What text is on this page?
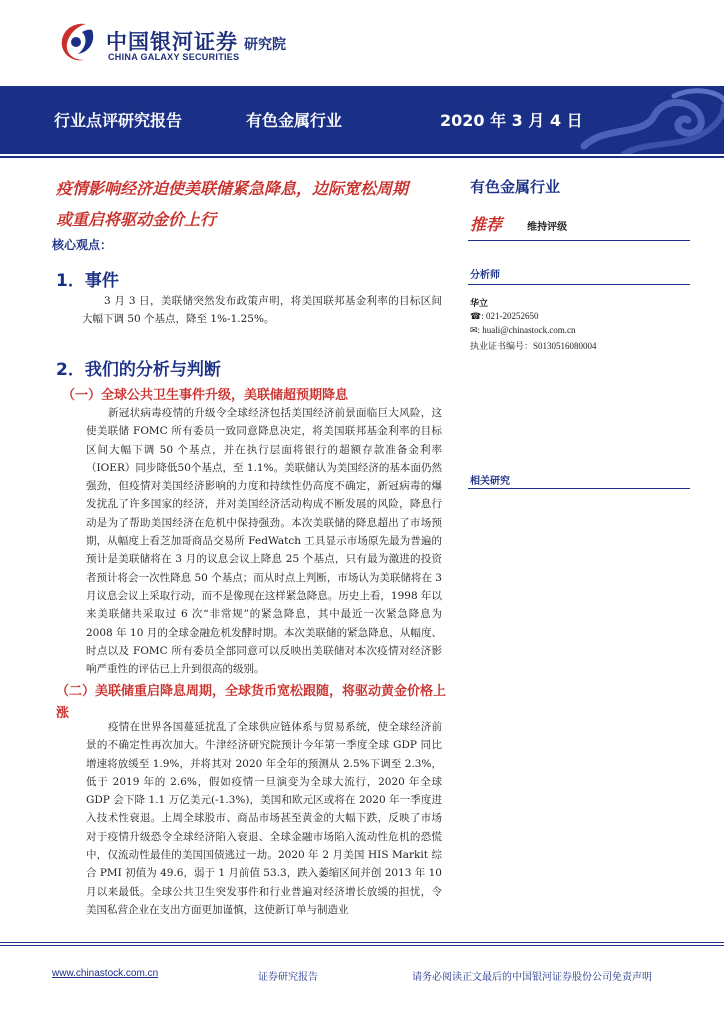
中国银河证券 研究院
CHINA GALAXY SECURITIES
行业点评研究报告	有色金属行业	2020 年 3 月 4 日
疫情影响经济迫使美联储紧急降息，边际宽松周期
或重启将驱动金价上行
核心观点：
有色金属行业
推荐	维持评级
分析师
华立
☎: 021-20252650
✉: huali@chinastock.com.cn
执业证书编号：S0130516080004
相关研究
1．事件
3 月 3 日，美联储突然发布政策声明，将美国联邦基金利率的目标区间大幅下调 50 个基点，降至 1%-1.25%。
2．我们的分析与判断
（一）全球公共卫生事件升级，美联储超预期降息
新冠状病毒疫情的升级令全球经济包括美国经济前景面临巨大风险，这使美联储 FOMC 所有委员一致同意降息决定，将美国联邦基金利率的目标区间大幅下调 50 个基点，并在执行层面将银行的超额存款准备金利率（IOER）同步降低50个基点，至 1.1%。美联储认为美国经济的基本面仍然强劲，但疫情对美国经济影响的力度和持续性仍高度不确定，新冠病毒的爆发扰乱了许多国家的经济，并对美国经济活动构成不断发展的风险，降息行动是为了帮助美国经济在危机中保持强劲。本次美联储的降息超出了市场预期，从幅度上看芝加哥商品交易所 FedWatch 工具显示市场原先最为普遍的预计是美联储将在 3 月的议息会议上降息 25 个基点，只有最为激进的投资者预计将会一次性降息 50 个基点；而从时点上判断，市场认为美联储将在 3 月议息会议上采取行动，而不是像现在这样紧急降息。历史上看，1998 年以来美联储共采取过 6 次“非常规”的紧急降息，其中最近一次紧急降息为 2008 年 10 月的全球金融危机发酵时期。本次美联储的紧急降息，从幅度、时点以及 FOMC 所有委员全部同意可以反映出美联储对本次疫情对经济影响严重性的评估已上升到很高的级别。
（二）美联储重启降息周期，全球货币宽松跟随，将驱动黄金价格上涨
疫情在世界各国蔓延扰乱了全球供应链体系与贸易系统，使全球经济前景的不确定性再次加大。牛津经济研究院预计今年第一季度全球 GDP 同比增速将放缓至 1.9%，并将其对 2020 年全年的预测从 2.5%下调至 2.3%，低于 2019 年的 2.6%，假如疫情一旦演变为全球大流行，2020 年全球 GDP 会下降 1.1 万亿美元(-1.3%)，美国和欧元区或将在 2020 年一季度进入技术性衰退。上周全球股市、商品市场甚至黄金的大幅下跌，反映了市场对于疫情升级恐令全球经济陷入衰退、全球金融市场陷入流动性危机的恐慌中，仅流动性最佳的美国国债逃过一劫。2020 年 2 月美国 HIS Markit 综合 PMI 初值为 49.6，弱于 1 月前值 53.3，跌入萎缩区间并创 2013 年 10 月以来最低。全球公共卫生突发事件和行业普遍对经济增长放缓的担忧，令美国私营企业在支出方面更加谨慎，这使新订单与制造业
www.chinastock.com.cn	证券研究报告	请务必阅读正文最后的中国银河证券股份公司免责声明
